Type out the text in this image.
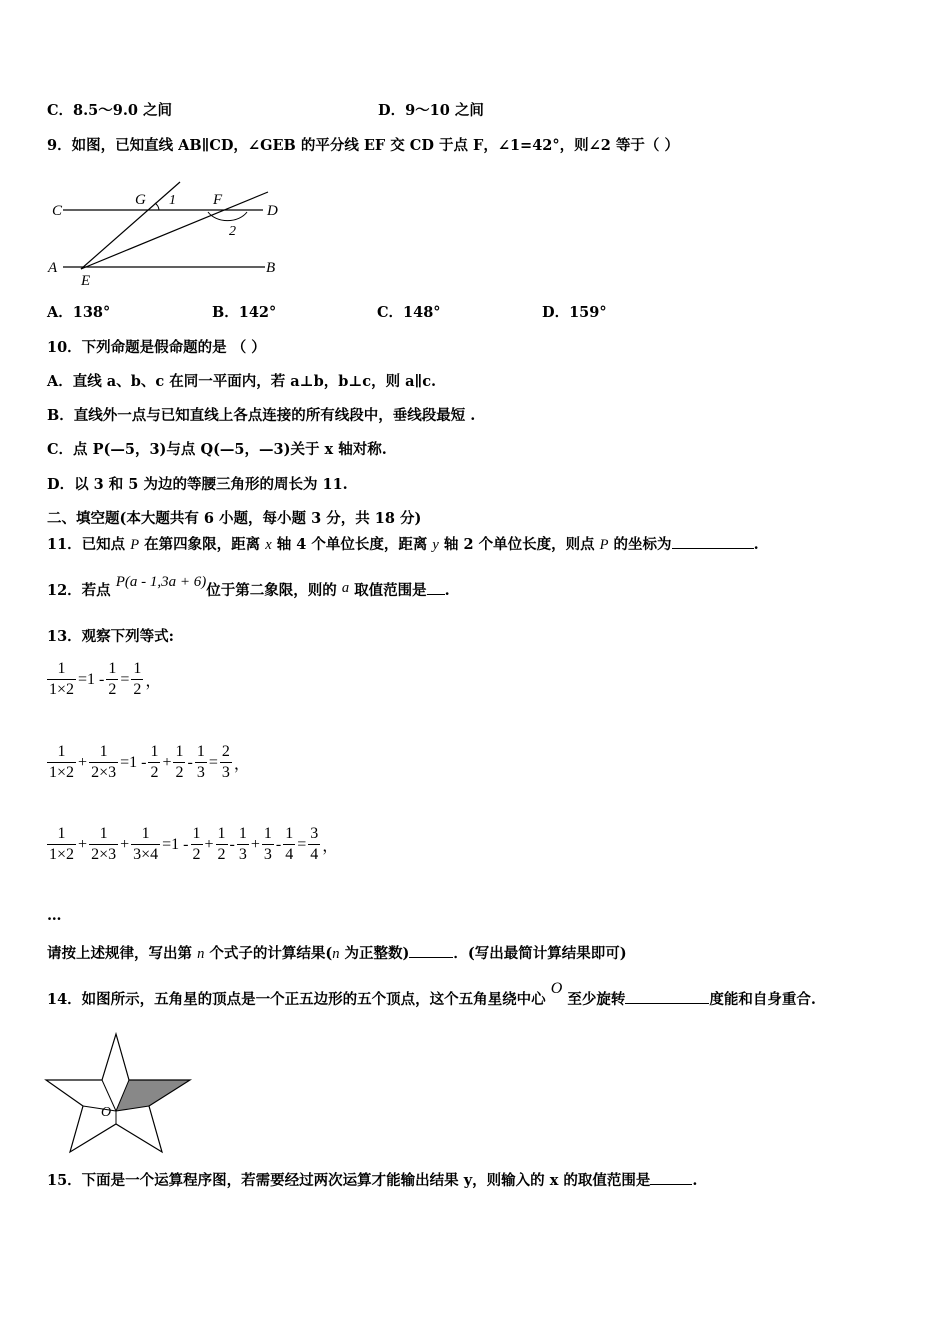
C．8.5～9.0 之间	D．9～10 之间
9．如图，已知直线 AB∥CD，∠GEB 的平分线 EF 交 CD 于点 F，∠1=42°，则∠2 等于（ ）
C
G 1 F
D
2
A
E
B
A．138°	B．142°	C．148°	D．159°
10．下列命题是假命题的是 （ ）
A．直线 a、b、c 在同一平面内，若 a⊥b，b⊥c，则 a∥c.
B．直线外一点与已知直线上各点连接的所有线段中，垂线段最短 .
C．点 P(—5，3)与点 Q(—5，—3)关于 x 轴对称.
D．以 3 和 5 为边的等腰三角形的周长为 11.
二、填空题(本大题共有 6 小题，每小题 3 分，共 18 分)
11．已知点 P 在第四象限，距离 x 轴 4 个单位长度，距离 y 轴 2 个单位长度，则点 P 的坐标为	.
12．若点 P(a - 1,3a + 6)位于第二象限，则的 a 取值范围是 .
13．观察下列等式:
$\frac{1}{1\times 2} =1 - \frac{1}{2} = \frac{1}{2}$ ，
$\frac{1}{1\times 2} + \frac{1}{2\times 3} =1 - \frac{1}{2} + \frac{1}{2} - \frac{1}{3} = \frac{2}{3}$ ，
$\frac{1}{1\times 2} + \frac{1}{2\times 3} + \frac{1}{3\times 4} =1 - \frac{1}{2} + \frac{1}{2} - \frac{1}{3} + \frac{1}{3} - \frac{1}{4} = \frac{3}{4}$ ，
…
请按上述规律，写出第 n 个式子的计算结果(n 为正整数)	．(写出最简计算结果即可)
14．如图所示，五角星的顶点是一个正五边形的五个顶点，这个五角星绕中心 O 至少旋转	度能和自身重合.
O
15．下面是一个运算程序图，若需要经过两次运算才能输出结果 y，则输入的 x 的取值范围是	.
